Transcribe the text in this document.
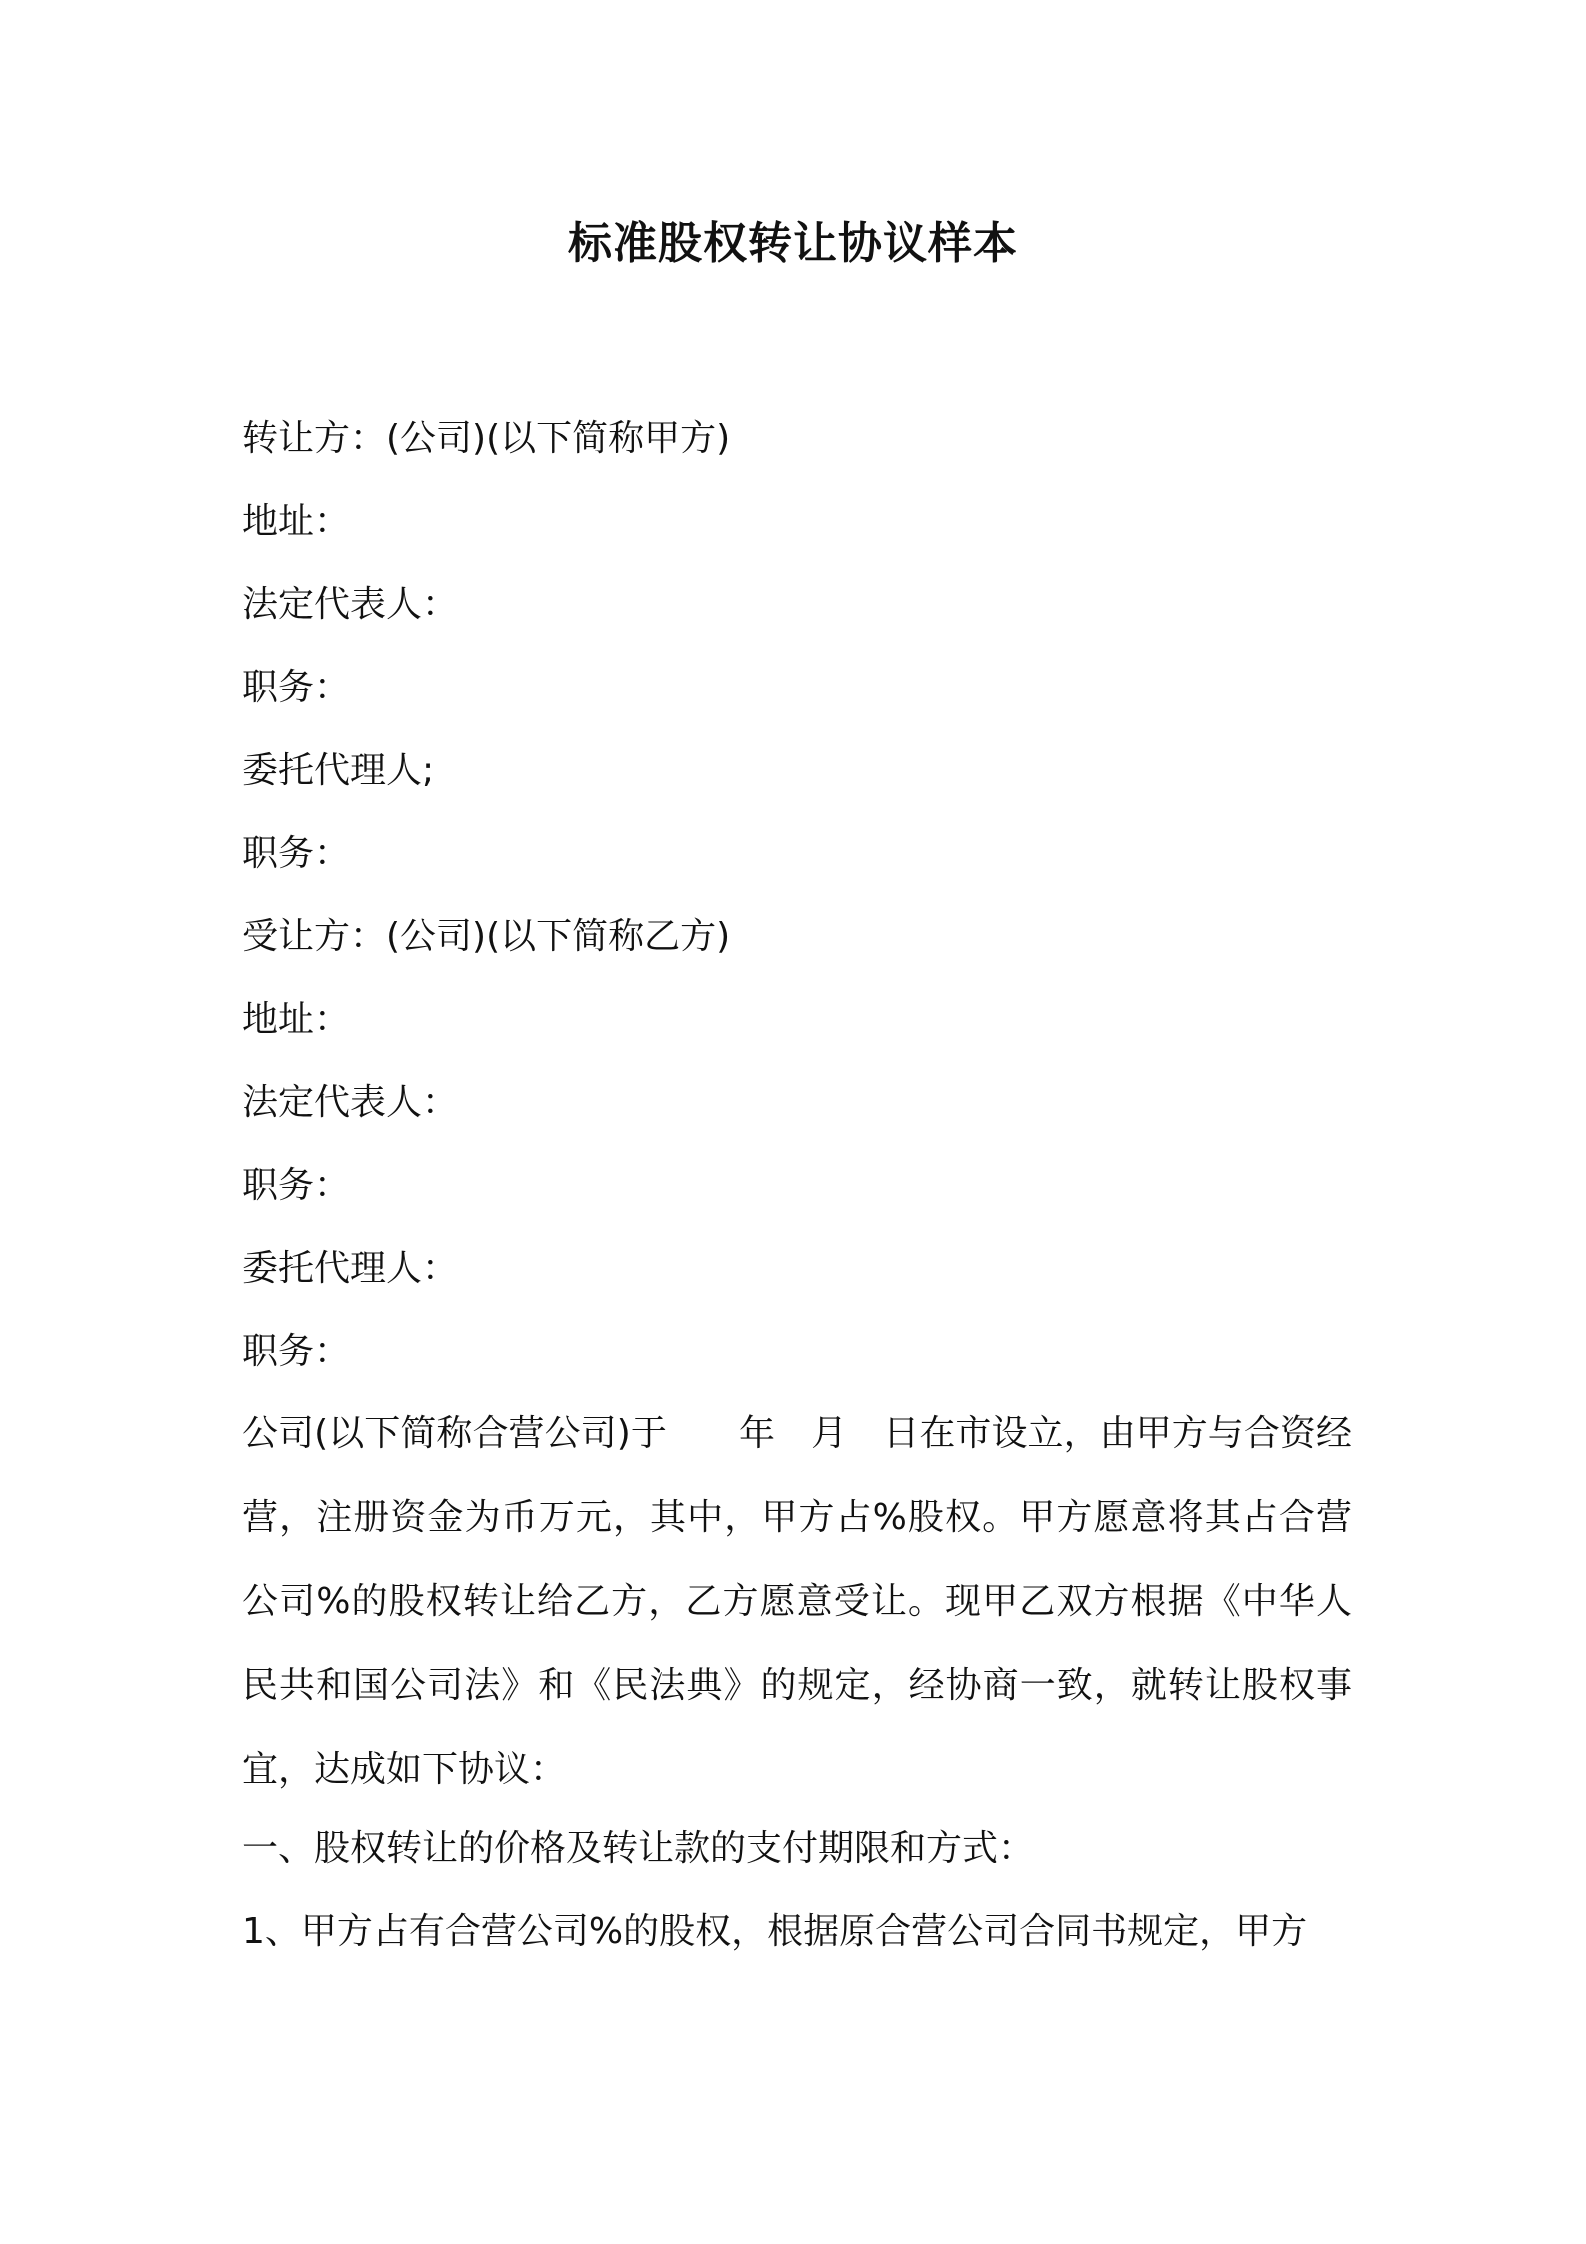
标准股权转让协议样本
转让方：(公司)(以下简称甲方)
地址：
法定代表人：
职务：
委托代理人;
职务：
受让方：(公司)(以下简称乙方)
地址：
法定代表人：
职务：
委托代理人：
职务：
公司(以下简称合营公司)于　　年　月　日在市设立，由甲方与合资经营，注册资金为币万元，其中，甲方占%股权。甲方愿意将其占合营公司%的股权转让给乙方，乙方愿意受让。现甲乙双方根据《中华人民共和国公司法》和《民法典》的规定，经协商一致，就转让股权事宜，达成如下协议：
一、股权转让的价格及转让款的支付期限和方式：
1、甲方占有合营公司%的股权，根据原合营公司合同书规定，甲方
